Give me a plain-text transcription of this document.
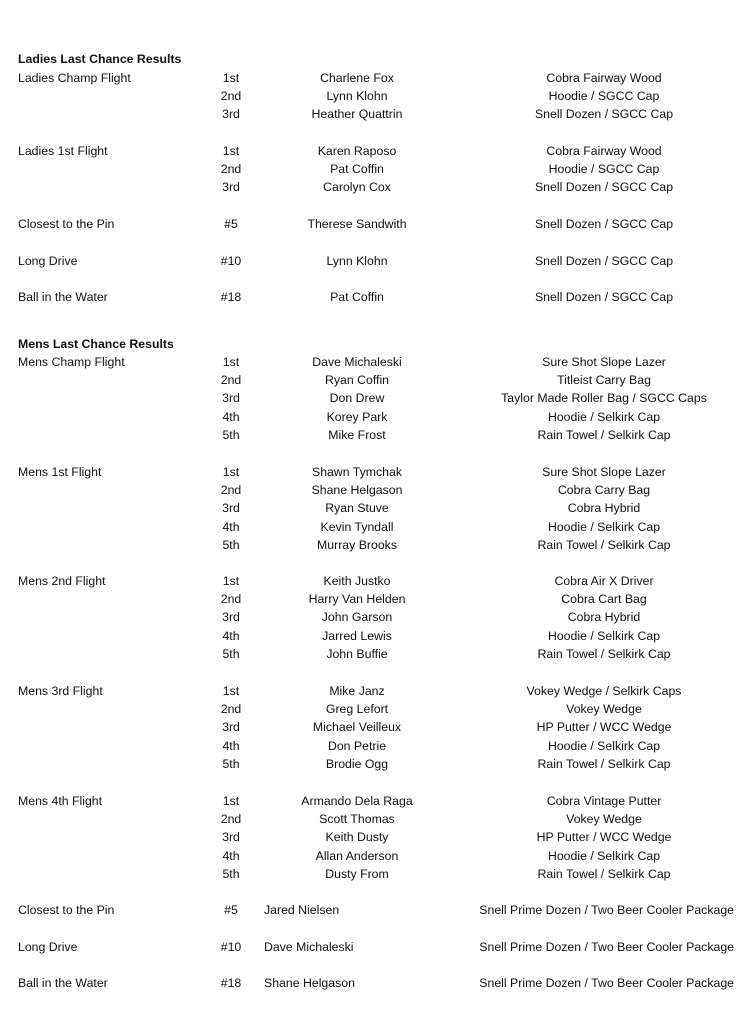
Ladies Last Chance Results
Ladies Champ Flight	1st	Charlene Fox	Cobra Fairway Wood
2nd	Lynn Klohn	Hoodie / SGCC Cap
3rd	Heather Quattrin	Snell Dozen / SGCC Cap
Ladies 1st Flight	1st	Karen Raposo	Cobra Fairway Wood
2nd	Pat Coffin	Hoodie / SGCC Cap
3rd	Carolyn Cox	Snell Dozen / SGCC Cap
Closest to the Pin	#5	Therese Sandwith	Snell Dozen / SGCC Cap
Long Drive	#10	Lynn Klohn	Snell Dozen / SGCC Cap
Ball in the Water	#18	Pat Coffin	Snell Dozen / SGCC Cap
Mens Last Chance Results
Mens Champ Flight	1st	Dave Michaleski	Sure Shot Slope Lazer
2nd	Ryan Coffin	Titleist Carry Bag
3rd	Don Drew	Taylor Made Roller Bag / SGCC Caps
4th	Korey Park	Hoodie / Selkirk Cap
5th	Mike Frost	Rain Towel / Selkirk Cap
Mens 1st Flight	1st	Shawn Tymchak	Sure Shot Slope Lazer
2nd	Shane Helgason	Cobra Carry Bag
3rd	Ryan Stuve	Cobra Hybrid
4th	Kevin Tyndall	Hoodie / Selkirk Cap
5th	Murray Brooks	Rain Towel / Selkirk Cap
Mens 2nd Flight	1st	Keith Justko	Cobra Air X Driver
2nd	Harry Van Helden	Cobra Cart Bag
3rd	John Garson	Cobra Hybrid
4th	Jarred Lewis	Hoodie / Selkirk Cap
5th	John Buffie	Rain Towel / Selkirk Cap
Mens 3rd Flight	1st	Mike Janz	Vokey Wedge / Selkirk Caps
2nd	Greg Lefort	Vokey Wedge
3rd	Michael Veilleux	HP Putter / WCC Wedge
4th	Don Petrie	Hoodie / Selkirk Cap
5th	Brodie Ogg	Rain Towel / Selkirk Cap
Mens 4th Flight	1st	Armando Dela Raga	Cobra Vintage Putter
2nd	Scott Thomas	Vokey Wedge
3rd	Keith Dusty	HP Putter / WCC Wedge
4th	Allan Anderson	Hoodie / Selkirk Cap
5th	Dusty From	Rain Towel / Selkirk Cap
Closest to the Pin	#5	Jared Nielsen	Snell Prime Dozen / Two Beer Cooler Package
Long Drive	#10	Dave Michaleski	Snell Prime Dozen / Two Beer Cooler Package
Ball in the Water	#18	Shane Helgason	Snell Prime Dozen / Two Beer Cooler Package
